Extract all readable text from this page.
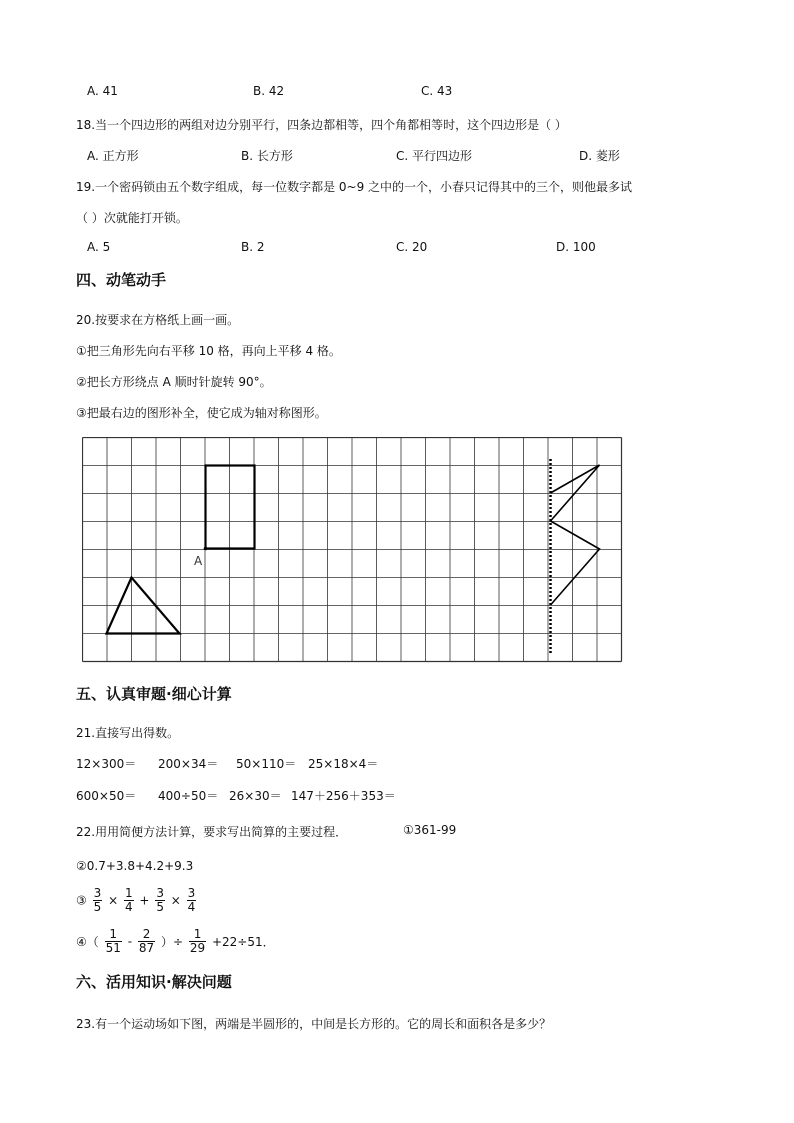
A. 41	B. 42	C. 43
18.当一个四边形的两组对边分别平行，四条边都相等，四个角都相等时，这个四边形是（ ）
A. 正方形	B. 长方形	C. 平行四边形	D. 菱形
19.一个密码锁由五个数字组成，每一位数字都是 0~9 之中的一个，小春只记得其中的三个，则他最多试
（ ）次就能打开锁。
A. 5	B. 2	C. 20	D. 100
四、动笔动手
20.按要求在方格纸上画一画。
①把三角形先向右平移 10 格，再向上平移 4 格。
②把长方形绕点 A 顺时针旋转 90°。
③把最右边的图形补全，使它成为轴对称图形。
A
五、认真审题·细心计算
21.直接写出得数。
12×300＝ 200×34＝ 50×110＝ 25×18×4＝
600×50＝ 400÷50＝ 26×30＝ 147＋256＋353＝
22.用用简便方法计算，要求写出简算的主要过程．	①361-99
②0.7+3.8+4.2+9.3
③ $\frac{3}{5} \times \frac{1}{4} + \frac{3}{5} \times \frac{3}{4}$
④（ $\frac{1}{51} - \frac{2}{87}$ ）÷ $\frac{1}{29} +22\div 51$．
六、活用知识·解决问题
23.有一个运动场如下图，两端是半圆形的，中间是长方形的。它的周长和面积各是多少？
